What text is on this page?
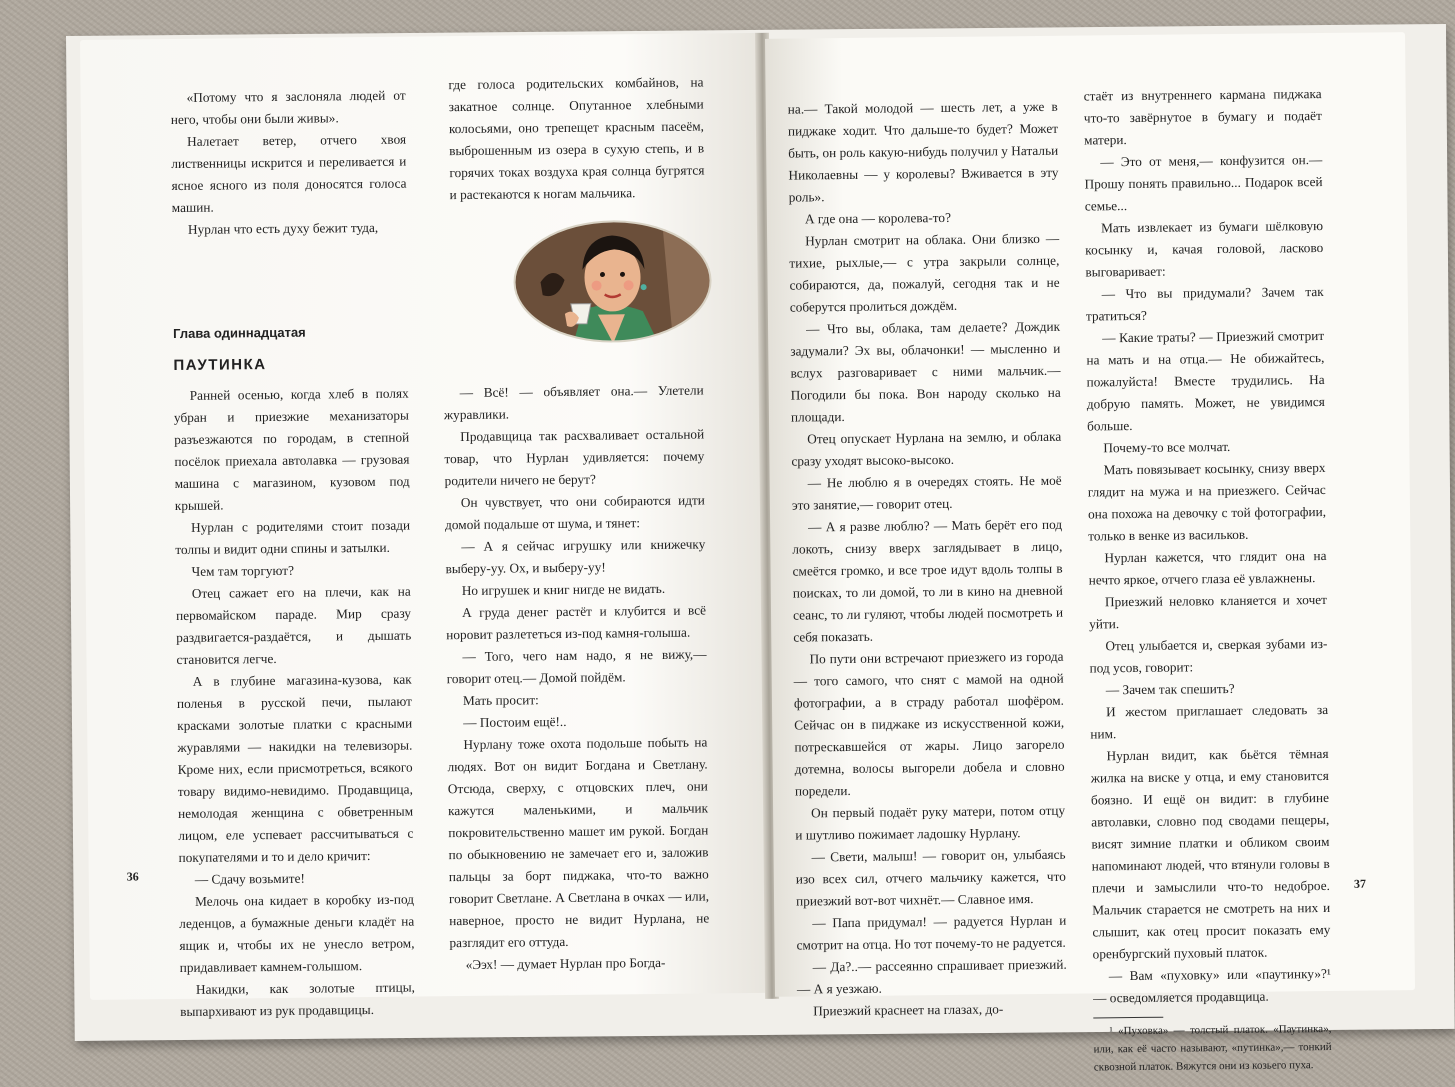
«Потому что я заслоняла людей от него, чтобы они были живы».

Налетает ветер, отчего хвоя лиственницы искрится и переливается и ясное ясного из поля доносятся голоса машин.

Нурлан что есть духу бежит туда,

где голоса родительских комбайнов, на закатное солнце. Опутанное хлебными колосьями, оно трепещет красным пасеём, выброшенным из озера в сухую степь, и в горячих токах воздуха края солнца бугрятся и растекаются к ногам мальчика.

Глава одиннадцатая
ПАУТИНКА

Ранней осенью, когда хлеб в полях убран и приезжие механизаторы разъезжаются по городам, в степной посёлок приехала автолавка — грузовая машина с магазином, кузовом под крышей.

Нурлан с родителями стоит позади толпы и видит одни спины и затылки.

Чем там торгуют?

Отец сажает его на плечи, как на первомайском параде. Мир сразу раздвигается-раздаётся, и дышать становится легче.

А в глубине магазина-кузова, как поленья в русской печи, пылают красками золотые платки с красными журавлями — накидки на телевизоры. Кроме них, если присмотреться, всякого товару видимо-невидимо. Продавщица, немолодая женщина с обветренным лицом, еле успевает рассчитываться с покупателями и то и дело кричит:

— Сдачу возьмите!

Мелочь она кидает в коробку из-под леденцов, а бумажные деньги кладёт на ящик и, чтобы их не унесло ветром, придавливает камнем-голышом.

Накидки, как золотые птицы, выпархивают из рук продавщицы.

— Всё! — объявляет она.— Улетели журавлики.

Продавщица так расхваливает остальной товар, что Нурлан удивляется: почему родители ничего не берут?

Он чувствует, что они собираются идти домой подальше от шума, и тянет:

— А я сейчас игрушку или книжечку выберу-уу. Ох, и выберу-уу!

Но игрушек и книг нигде не видать.

А груда денег растёт и клубится и всё норовит разлететься из-под камня-голыша.

— Того, чего нам надо, я не вижу,— говорит отец.— Домой пойдём.

Мать просит:

— Постоим ещё!..

Нурлану тоже охота подольше побыть на людях. Вот он видит Богдана и Светлану. Отсюда, сверху, с отцовских плеч, они кажутся маленькими, и мальчик покровительственно машет им рукой. Богдан по обыкновению не замечает его и, заложив пальцы за борт пиджака, что-то важно говорит Светлане. А Светлана в очках — или, наверное, просто не видит Нурлана, не разглядит его оттуда.

«Ээх! — думает Нурлан про Богда-

36

на.— Такой молодой — шесть лет, а уже в пиджаке ходит. Что дальше-то будет? Может быть, он роль какую-нибудь получил у Натальи Николаевны — у королевы? Вживается в эту роль».

А где она — королева-то?

Нурлан смотрит на облака. Они близко — тихие, рыхлые,— с утра закрыли солнце, собираются, да, пожалуй, сегодня так и не соберутся пролиться дождём.

— Что вы, облака, там делаете? Дождик задумали? Эх вы, облачонки! — мысленно и вслух разговаривает с ними мальчик.— Погодили бы пока. Вон народу сколько на площади.

Отец опускает Нурлана на землю, и облака сразу уходят высоко-высоко.

— Не люблю я в очередях стоять. Не моё это занятие,— говорит отец.

— А я разве люблю? — Мать берёт его под локоть, снизу вверх заглядывает в лицо, смеётся громко, и все трое идут вдоль толпы в поисках, то ли домой, то ли в кино на дневной сеанс, то ли гуляют, чтобы людей посмотреть и себя показать.

По пути они встречают приезжего из города — того самого, что снят с мамой на одной фотографии, а в страду работал шофёром. Сейчас он в пиджаке из искусственной кожи, потрескавшейся от жары. Лицо загорело дотемна, волосы выгорели добела и словно поредели.

Он первый подаёт руку матери, потом отцу и шутливо пожимает ладошку Нурлану.

— Свети, малыш! — говорит он, улыбаясь изо всех сил, отчего мальчику кажется, что приезжий вот-вот чихнёт.— Славное имя.

— Папа придумал! — радуется Нурлан и смотрит на отца. Но тот почему-то не радуется.

— Да?..— рассеянно спрашивает приезжий.— А я уезжаю.

Приезжий краснеет на глазах, до-

стаёт из внутреннего кармана пиджака что-то завёрнутое в бумагу и подаёт матери.

— Это от меня,— конфузится он.— Прошу понять правильно... Подарок всей семье...

Мать извлекает из бумаги шёлковую косынку и, качая головой, ласково выговаривает:

— Что вы придумали? Зачем так тратиться?

— Какие траты? — Приезжий смотрит на мать и на отца.— Не обижайтесь, пожалуйста! Вместе трудились. На добрую память. Может, не увидимся больше.

Почему-то все молчат.

Мать повязывает косынку, снизу вверх глядит на мужа и на приезжего. Сейчас она похожа на девочку с той фотографии, только в венке из васильков.

Нурлан кажется, что глядит она на нечто яркое, отчего глаза её увлажнены.

Приезжий неловко кланяется и хочет уйти.

Отец улыбается и, сверкая зубами из-под усов, говорит:

— Зачем так спешить?

И жестом приглашает следовать за ним.

Нурлан видит, как бьётся тёмная жилка на виске у отца, и ему становится боязно. И ещё он видит: в глубине автолавки, словно под сводами пещеры, висят зимние платки и обликом своим напоминают людей, что втянули головы в плечи и замыслили что-то недоброе. Мальчик старается не смотреть на них и слышит, как отец просит показать ему оренбургский пуховый платок.

— Вам «пуховку» или «паутинку»?¹ — осведомляется продавщица.

¹ «Пуховка» — толстый платок. «Паутинка», или, как её часто называют, «путинка»,— тонкий сквозной платок. Вяжутся они из козьего пуха.

37
